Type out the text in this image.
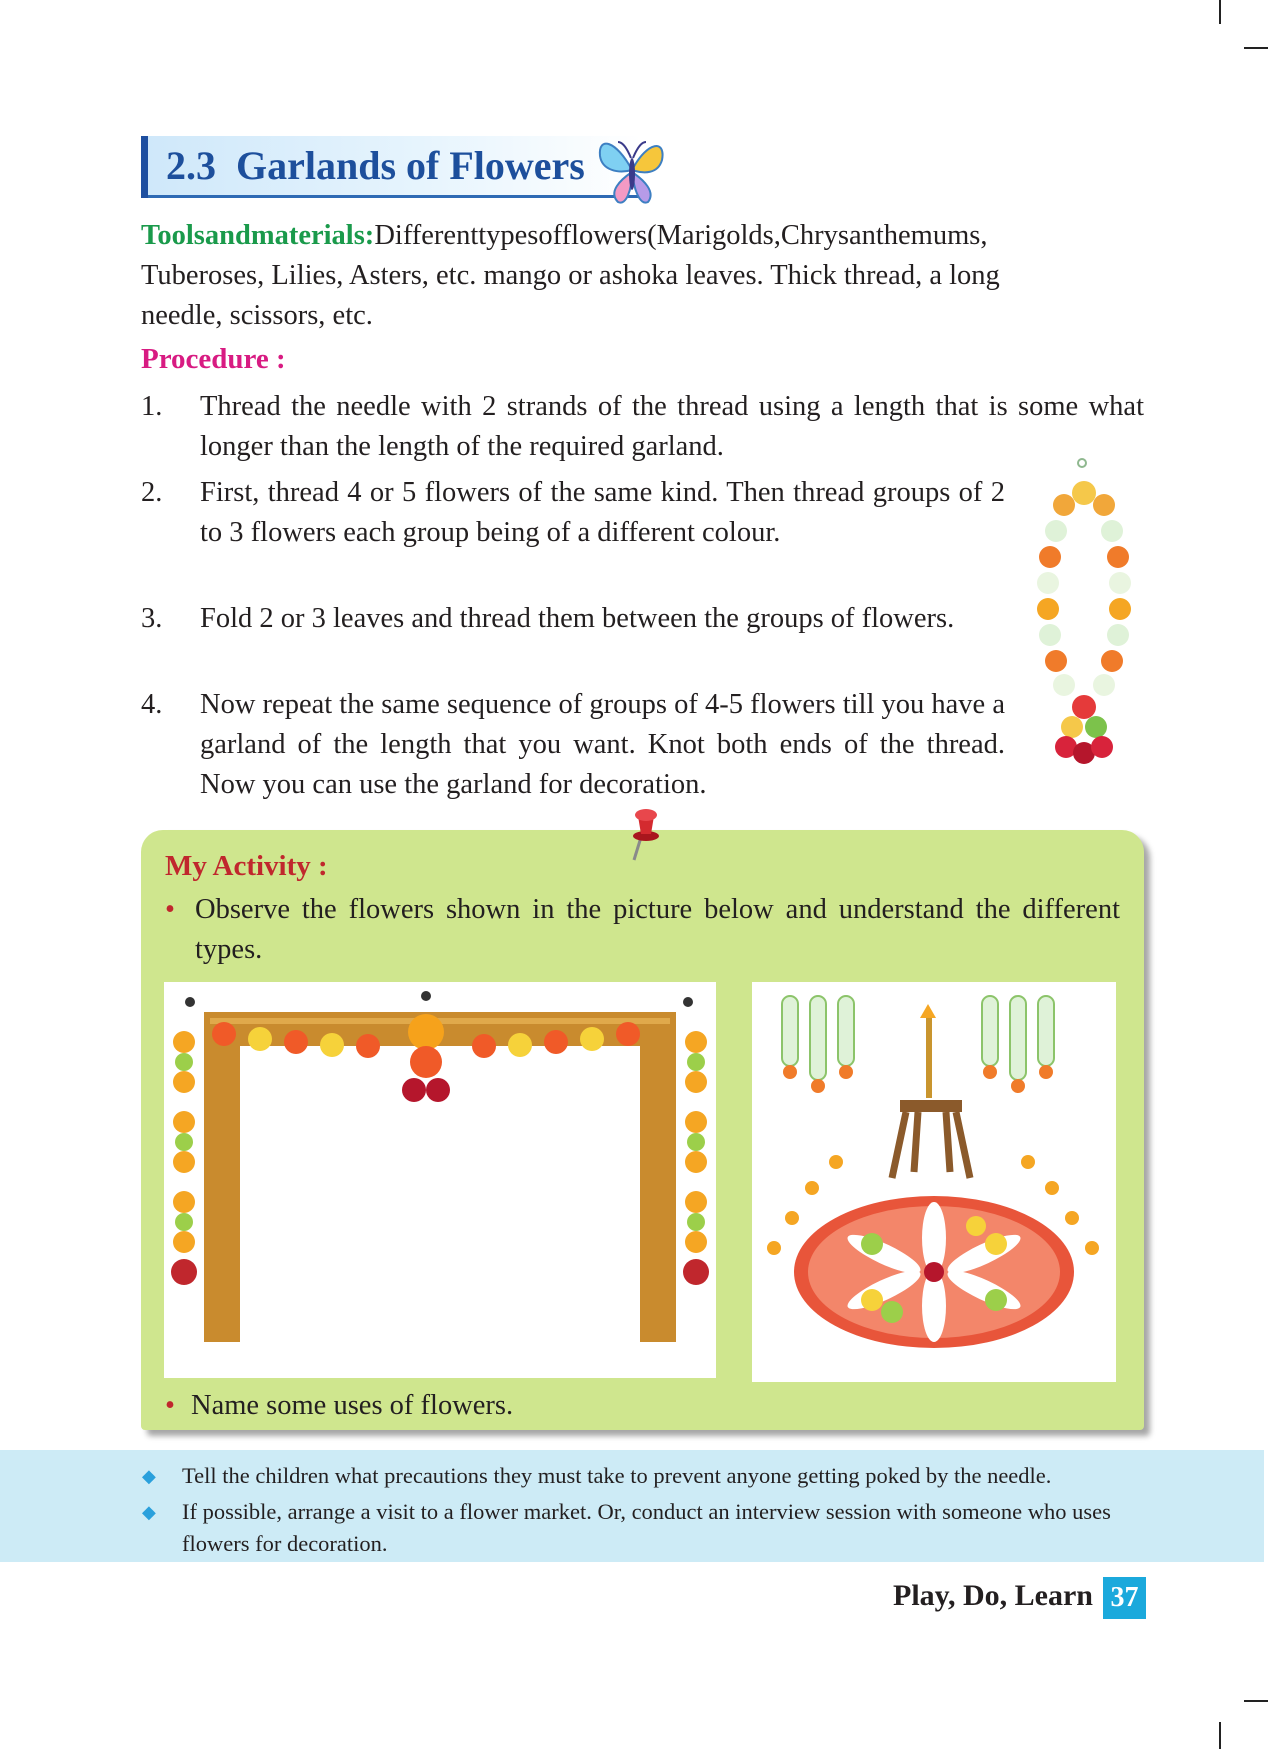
2.3 Garlands of Flowers
Toolsandmaterials:Differenttypesofflowers(Marigolds,Chrysanthemums,
Tuberoses, Lilies, Asters, etc. mango or ashoka leaves. Thick thread, a long
needle, scissors, etc.
Procedure :
1. Thread the needle with 2 strands of the thread using a length that is some what longer than the length of the required garland.
2. First, thread 4 or 5 flowers of the same kind. Then thread groups of 2 to 3 flowers each group being of a different colour.
3. Fold 2 or 3 leaves and thread them between the groups of flowers.
4. Now repeat the same sequence of groups of 4-5 flowers till you have a garland of the length that you want. Knot both ends of the thread. Now you can use the garland for decoration.
My Activity :
• Observe the flowers shown in the picture below and understand the different types.
• Name some uses of flowers.
◆ Tell the children what precautions they must take to prevent anyone getting poked by the needle.
◆ If possible, arrange a visit to a flower market. Or, conduct an interview session with someone who uses flowers for decoration.
Play, Do, Learn 37
